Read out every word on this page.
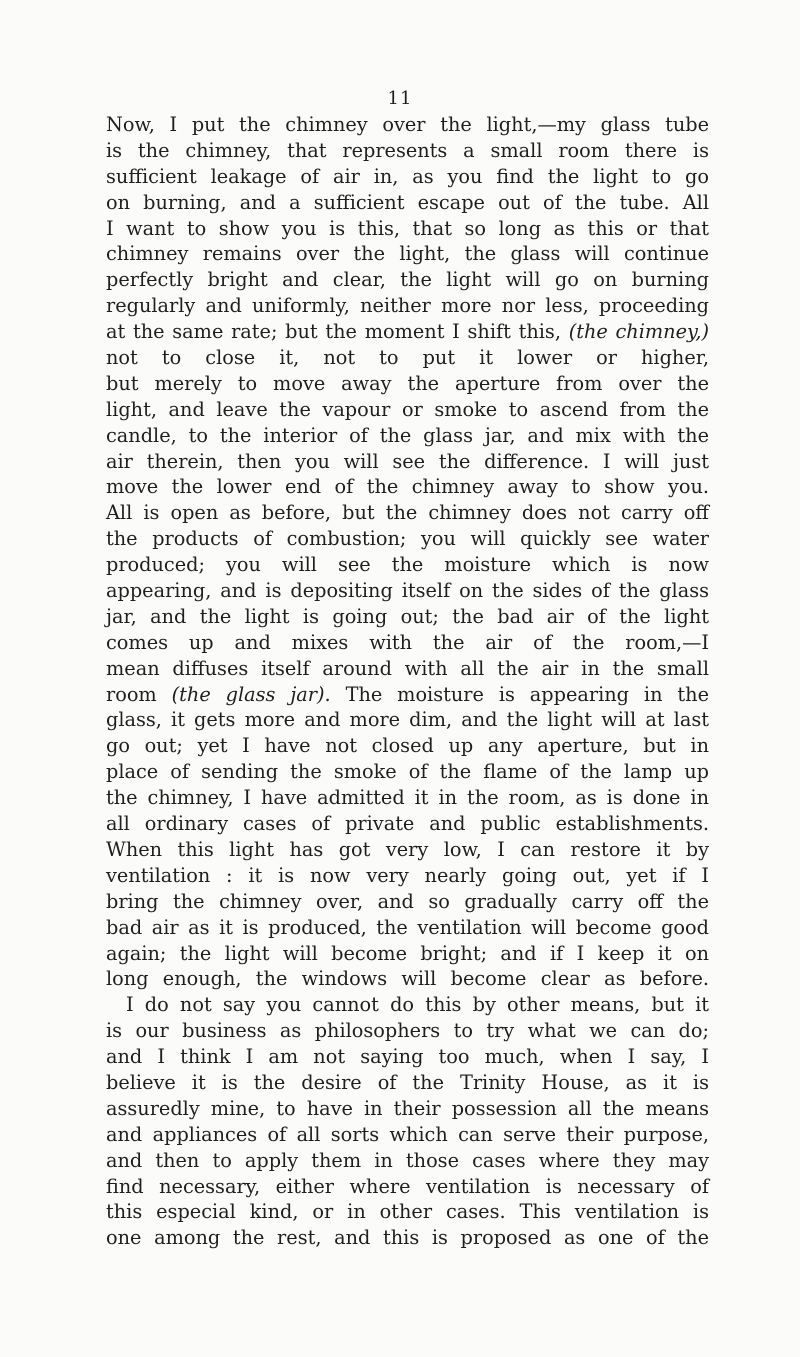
11
Now, I put the chimney over the light,—my glass tube
is the chimney, that represents a small room there is
sufficient leakage of air in, as you find the light to go
on burning, and a sufficient escape out of the tube. All
I want to show you is this, that so long as this or that
chimney remains over the light, the glass will continue
perfectly bright and clear, the light will go on burning
regularly and uniformly, neither more nor less, proceeding
at the same rate; but the moment I shift this, (the chimney,)
not to close it, not to put it lower or higher,
but merely to move away the aperture from over the
light, and leave the vapour or smoke to ascend from the
candle, to the interior of the glass jar, and mix with the
air therein, then you will see the difference. I will just
move the lower end of the chimney away to show you.
All is open as before, but the chimney does not carry off
the products of combustion; you will quickly see water
produced; you will see the moisture which is now
appearing, and is depositing itself on the sides of the glass
jar, and the light is going out; the bad air of the light
comes up and mixes with the air of the room,—I
mean diffuses itself around with all the air in the small
room (the glass jar). The moisture is appearing in the
glass, it gets more and more dim, and the light will at last
go out; yet I have not closed up any aperture, but in
place of sending the smoke of the flame of the lamp up
the chimney, I have admitted it in the room, as is done in
all ordinary cases of private and public establishments.
When this light has got very low, I can restore it by
ventilation : it is now very nearly going out, yet if I
bring the chimney over, and so gradually carry off the
bad air as it is produced, the ventilation will become good
again; the light will become bright; and if I keep it on
long enough, the windows will become clear as before.
I do not say you cannot do this by other means, but it
is our business as philosophers to try what we can do;
and I think I am not saying too much, when I say, I
believe it is the desire of the Trinity House, as it is
assuredly mine, to have in their possession all the means
and appliances of all sorts which can serve their purpose,
and then to apply them in those cases where they may
find necessary, either where ventilation is necessary of
this especial kind, or in other cases. This ventilation is
one among the rest, and this is proposed as one of the
